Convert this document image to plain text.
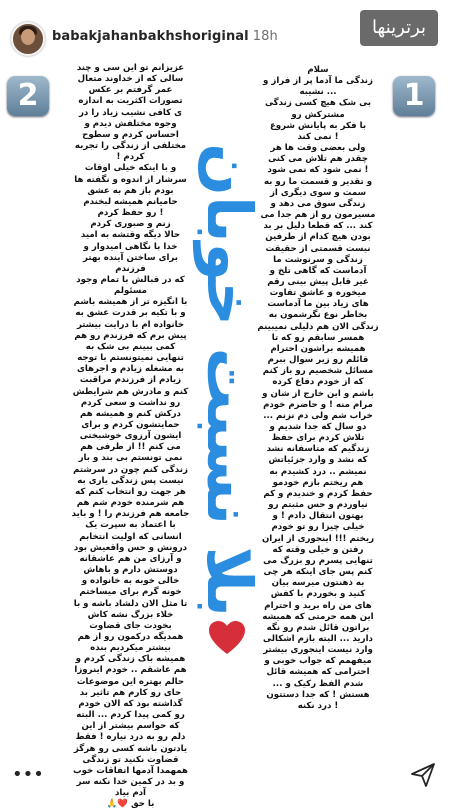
babakjahanbakhshoriginal 18h	برترینها
2	1
عزیزانم تو این سی و چند
سالی که از خداوند متعال
عمر گرفتم بر عکس
تصورات اکثریت به اندازه
ی کافی نشیب زیاد را در
وجوه مختلفش دیدم و
احساس کردم و سطوح
مختلفی از زندگی را تجربه
کردم !
و با اینکه خیلی اوقات
سرشار از اندوه و نگفته ها
بودم باز هم به عشق
حامیانم همیشه لبخندم
! رو حفظ کردم
زنم و صبوری کردم
حالا دیگه وقتشه به امید
خدا با نگاهی امیدوار و
برای ساختن آینده بهتر
فرزندم
که در قبالش با تمام وجود
مسئولم
با انگیزه تر از همیشه باشم
و با تکیه بر قدرت عشق به
خانواده ام با درایت بیشتر
پیش برم که فرزندم رو هم
کمی ببینم بی شک به
تنهایی نمیتونستم با توجه
به مشغله زیادم و اجرهای
زیادم از فرزندم مراقبت
کنم و مادرش هم شرایطش
رو نداشت و سعی کردم
درکش کنم و همیشه هم
حمایتشون کردم و برای
ایشون آرزوی خوشبختی
می کنم !! از طرفی هم
نمی تونستم بی بند و بار
زندگی کنم چون در سرشتم
نیست پس زندگی یاری به
هر جهت رو انتخاب کنم که
هم شرمنده خودم شم هم
جامعه هم فرزندم را ! و باید
با اعتماد به سپرت یک
انسانی که اولیت انتخابم
درونش و حس واقعیش بود
و آرزای من هم عاشقانه
دوستش دارم و باهاش
خالی خوبه به خانواده و
خونه گرم برای میساختم
تا مثل الان دلشاد باشه و با
خلاء بزرگ نشه کاش
بخودت جای قضاوت
همدیگه درکمون رو از هم
بیشتر میکردیم بنده
همیشه باک زندگی کردم و
هم عاشقم .. خودم اینروزا
حالم بهتره این موضوعات
حای رو کارم هم تاثیر بد
گذاشته بود که الان خودم
رو کمی پیدا کردم ... البته
که حواسم بیشتر از این
دلم رو به درد نیاره ! فقط
یادتون باشه کسی رو هرگز
قضاوت نکنید تو زندگی
همهمدا آدمها اتفاقات خوب
و بد در کمین خدا نکنه سر
آدم بیاد
با حق ❤️🙏
سلام
زندگی ما آدما پر از فراز و
... نشیبه
بی شک هیچ کسی زندگی
مشترکش رو
با فکر به پایانش شروع
! نمی کند
ولی بعضی وقت ها هر
چقدر هم تلاش می کنی
! نمی شود که نمی شود
و تقدیر و قسمت ما رو به
سمت و سوی دیگری از
زندگی سوق می دهد و
مسیرمون رو از هم جدا می
کند ... که قطعا دلیل بر بد
بودن هیچ کدام از طرفین
نیست قسمتی از حقیقت
زندگی و سرنوشت ما
آدماست که گاهی تلخ و
غیر قابل پیش بینی رقم
میخوره و عاشق تفاوت
های زیاد بین ما آدماست
بخاطر نوع نگرشمون به
زندگی الان هم دلیلی نمیبینم
همسر سابقم رو که تا
همیشه براشون احترام
قائلم رو زیر سوال ببرم
مسائل شخصیم رو باز کنم
که از خودم دفاع کرده
باشم و این خارج از شان و
مرام منه ! و حاضرم خودم
خراب شم ولی دم نزنم ...
دو سال که جدا شدیم و
تلاش کردم برای حفظ
زندگیم که متاسفانه نشد
که نشد و وارد جزئیاتش
نمیشم .. درد کشیدم به
هم ریختم بازم خودمو
حفظ کردم و خندیدم و کم
نیاوردم و حس مثبتم رو
بهتون انتقال دادم ! و
خیلی چیزا رو تو خودم
ریختم !!! اینجوری از ایران
رفتن و خیلی وقته که
تنهایی پسرم رو بزرگ می
کنم پس جای اینکه هر چی
به ذهنتون میرسه بیان
کنید و بخوردم با کفش
های من راه برید و احترام
این همه حرمتی که همیشه
براتون قائل شدم رو نگه
دارید ... البته بازم اشکالی
وارد نیست اینجوری بیشتر
میفهمم که جواب خوبی و
احترامی که همیشه قائل
شدم الفظ رکیک و ...
هستش ! که جدا دستتون
! درد نکنه
بلا نسبت خوبان
•••
